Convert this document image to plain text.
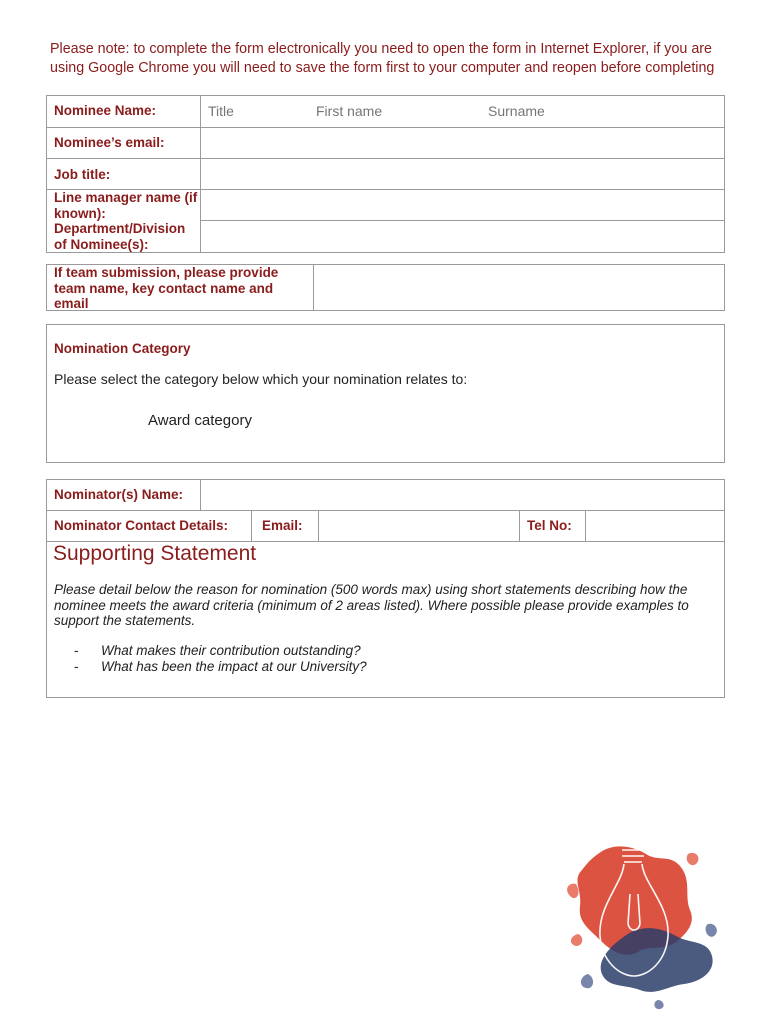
Please note: to complete the form electronically you need to open the form in Internet Explorer, if you are using Google Chrome you will need to save the form first to your computer and reopen before completing
Nominee Name:
Title
First name
Surname
Nominee’s email:
Job title:
Line manager name (if known):
Department/Division of Nominee(s):
If team submission, please provide team name, key contact name and email
Nomination Category
Please select the category below which your nomination relates to:
Award category
Nominator(s) Name:
Nominator Contact Details:	Email:	Tel No:
Supporting Statement
Please detail below the reason for nomination (500 words max) using short statements describing how the nominee meets the award criteria (minimum of 2 areas listed). Where possible please provide examples to support the statements.
- What makes their contribution outstanding?
- What has been the impact at our University?
